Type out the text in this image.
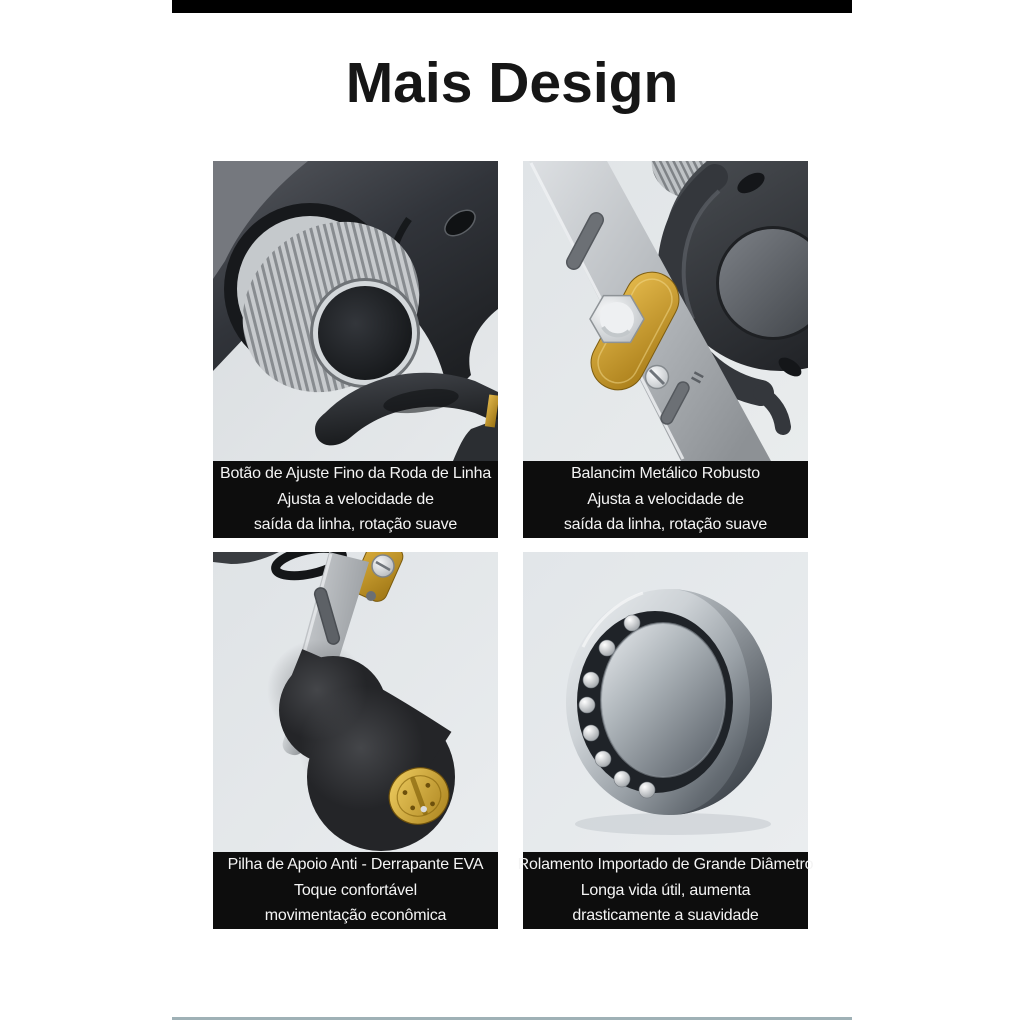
Mais Design
Botão de Ajuste Fino da Roda de Linha
Ajusta a velocidade de
saída da linha, rotação suave
Balancim Metálico Robusto
Ajusta a velocidade de
saída da linha, rotação suave
Pilha de Apoio Anti - Derrapante EVA
Toque confortável
movimentação econômica
Rolamento Importado de Grande Diâmetro
Longa vida útil, aumenta
drasticamente a suavidade
